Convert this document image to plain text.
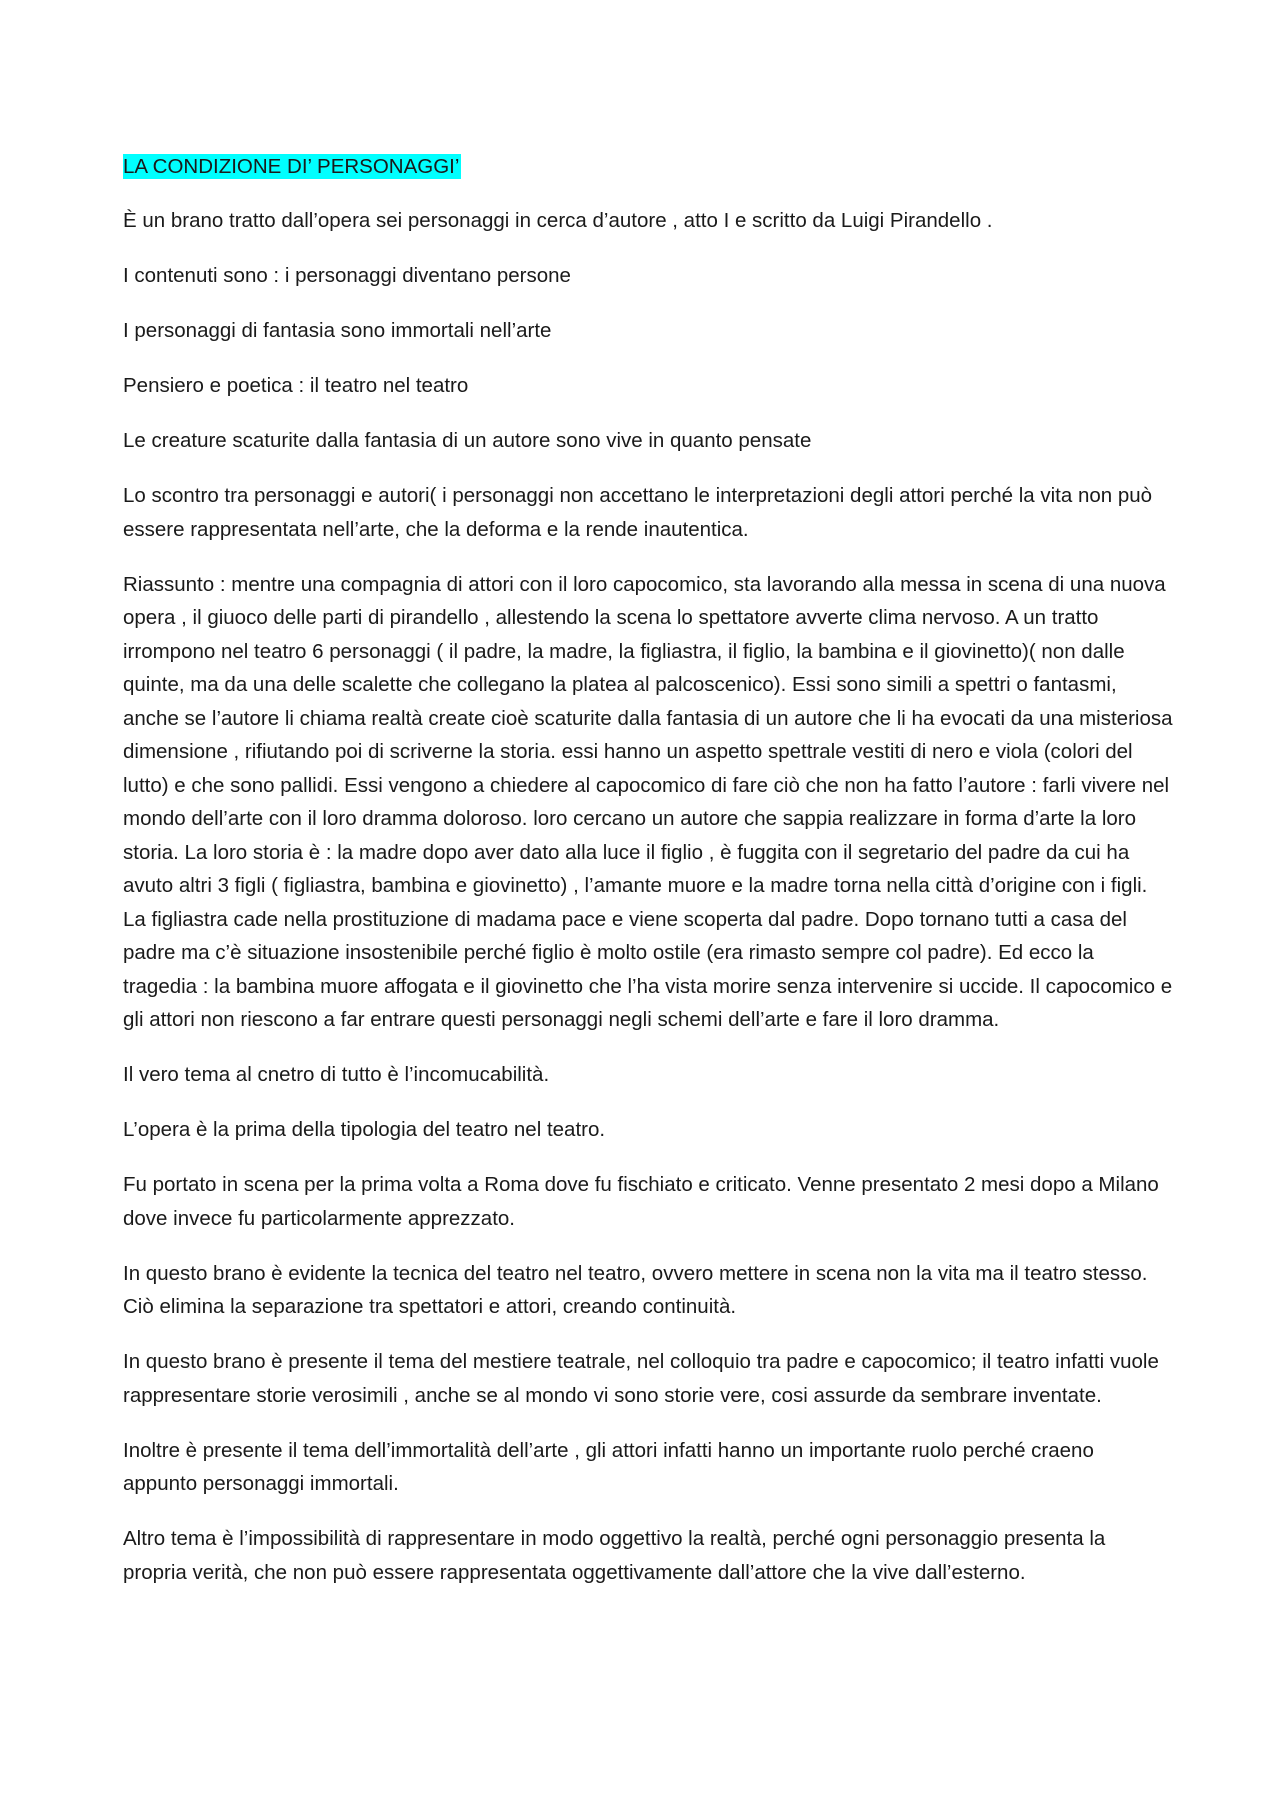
LA CONDIZIONE DI’ PERSONAGGI’

È un brano tratto dall’opera sei personaggi in cerca d’autore , atto I e scritto da Luigi Pirandello .

I contenuti sono : i personaggi diventano persone

I personaggi di fantasia sono immortali nell’arte

Pensiero e poetica : il teatro nel teatro

Le creature scaturite dalla fantasia di un autore sono vive in quanto pensate

Lo scontro tra personaggi e autori( i personaggi non accettano le interpretazioni degli attori perché la vita non può essere rappresentata nell’arte, che la deforma e la rende inautentica.

Riassunto : mentre una compagnia di attori con il loro capocomico, sta lavorando alla messa in scena di una nuova opera , il giuoco delle parti di pirandello , allestendo la scena lo spettatore avverte clima nervoso. A un tratto irrompono nel teatro 6 personaggi ( il padre, la madre, la figliastra, il figlio, la bambina e il giovinetto)( non dalle quinte, ma da una delle scalette che collegano la platea al palcoscenico). Essi sono simili a spettri o fantasmi, anche se l’autore li chiama realtà create cioè scaturite dalla fantasia di un autore che li ha evocati da una misteriosa dimensione , rifiutando poi di scriverne la storia. essi hanno un aspetto spettrale vestiti di nero e viola (colori del lutto) e che sono pallidi. Essi vengono a chiedere al capocomico di fare ciò che non ha fatto l’autore : farli vivere nel mondo dell’arte con il loro dramma doloroso. loro cercano un autore che sappia realizzare in forma d’arte la loro storia. La loro storia è : la madre dopo aver dato alla luce il figlio , è fuggita con il segretario del padre da cui ha avuto altri 3 figli ( figliastra, bambina e giovinetto) , l’amante muore e la madre torna nella città d’origine con i figli. La figliastra cade nella prostituzione di madama pace e viene scoperta dal padre. Dopo tornano tutti a casa del padre ma c’è situazione insostenibile perché figlio è molto ostile (era rimasto sempre col padre). Ed ecco la tragedia : la bambina muore affogata e il giovinetto che l’ha vista morire senza intervenire si uccide. Il capocomico e gli attori non riescono a far entrare questi personaggi negli schemi dell’arte e fare il loro dramma.

Il vero tema al cnetro di tutto è l’incomucabilità.

L’opera è la prima della tipologia del teatro nel teatro.

Fu portato in scena per la prima volta a Roma dove fu fischiato e criticato. Venne presentato 2 mesi dopo a Milano dove invece fu particolarmente apprezzato.

In questo brano è evidente la tecnica del teatro nel teatro, ovvero mettere in scena non la vita ma il teatro stesso. Ciò elimina la separazione tra spettatori e attori, creando continuità.

In questo brano è presente il tema del mestiere teatrale, nel colloquio tra padre e capocomico; il teatro infatti vuole rappresentare storie verosimili , anche se al mondo vi sono storie vere, cosi assurde da sembrare inventate.

Inoltre è presente il tema dell’immortalità dell’arte , gli attori infatti hanno un importante ruolo perché craeno appunto personaggi immortali.

Altro tema è l’impossibilità di rappresentare in modo oggettivo la realtà, perché ogni personaggio presenta la propria verità, che non può essere rappresentata oggettivamente dall’attore che la vive dall’esterno.
